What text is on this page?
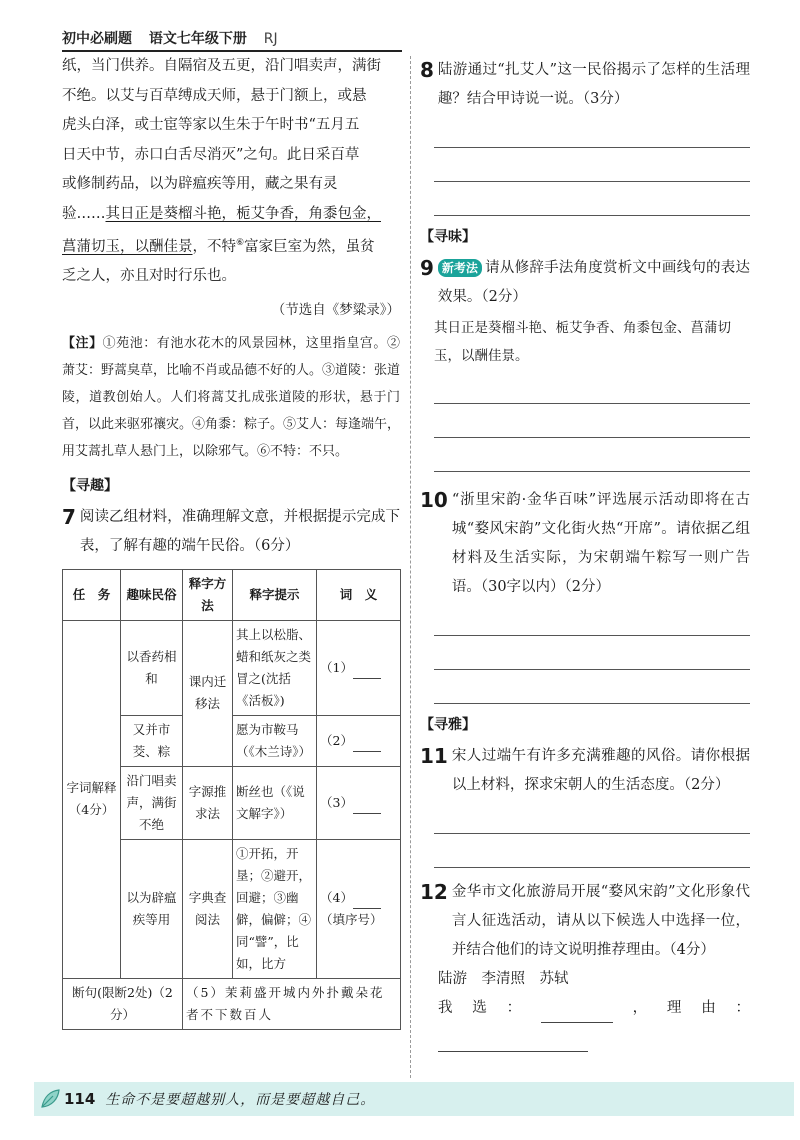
初中必刷题 语文七年级下册 RJ

纸，当门供养。自隔宿及五更，沿门唱卖声，满街

不绝。以艾与百草缚成天师，悬于门额上，或悬

虎头白泽，或士宦等家以生朱于午时书“五月五

日天中节，赤口白舌尽消灭”之句。此日采百草

或修制药品，以为辟瘟疾等用，藏之果有灵

验……其日正是葵榴斗艳，栀艾争香，角黍包金，

菖蒲切玉，以酬佳景，不特⑥富家巨室为然，虽贫

乏之人，亦且对时行乐也。

（节选自《梦粱录》）

【注】①苑池：有池水花木的风景园林，这里指皇宫。②萧艾：野蒿臭草，比喻不肖或品德不好的人。③道陵：张道陵，道教创始人。人们将蒿艾扎成张道陵的形状，悬于门首，以此来驱邪禳灾。④角黍：粽子。⑤艾人：每逢端午，用艾蒿扎草人悬门上，以除邪气。⑥不特：不只。

【寻趣】
7 阅读乙组材料，准确理解文意，并根据提示完成下表，了解有趣的端午民俗。（6分）
任　务	趣味民俗	释字方法	释字提示	词　义
字词解释（4分）	以香药相和	课内迁移法	其上以松脂、蜡和纸灰之类冒之(沈括《活板》)	（1）
	又并市茭、粽		愿为市鞍马（《木兰诗》）	（2）
	沿门唱卖声，满街不绝	字源推求法	断丝也（《说文解字》）	（3）
	以为辟瘟疾等用	字典查阅法	①开拓，开垦；②避开，回避；③幽僻，偏僻；④同“譬”，比如，比方	（4）
（填序号）
断句(限断2处)（2分）		（5）茉莉盛开城内外扑戴朵花者不下数百人		
8 陆游通过“扎艾人”这一民俗揭示了怎样的生活理趣？结合甲诗说一说。（3分）
【寻味】
9 新考法 请从修辞手法角度赏析文中画线句的表达效果。（2分）
其日正是葵榴斗艳、栀艾争香、角黍包金、菖蒲切玉，以酬佳景。
10 “浙里宋韵·金华百味”评选展示活动即将在古城“婺风宋韵”文化街火热“开席”。请依据乙组材料及生活实际，为宋朝端午粽写一则广告语。（30字以内）（2分）
【寻雅】
11 宋人过端午有许多充满雅趣的风俗。请你根据以上材料，探求宋朝人的生活态度。（2分）
12 金华市文化旅游局开展“婺风宋韵”文化形象代言人征选活动，请从以下候选人中选择一位，并结合他们的诗文说明推荐理由。（4分）
陆游　李清照　苏轼
我选：	，理由：
114 生命不是要超越别人，而是要超越自己。
